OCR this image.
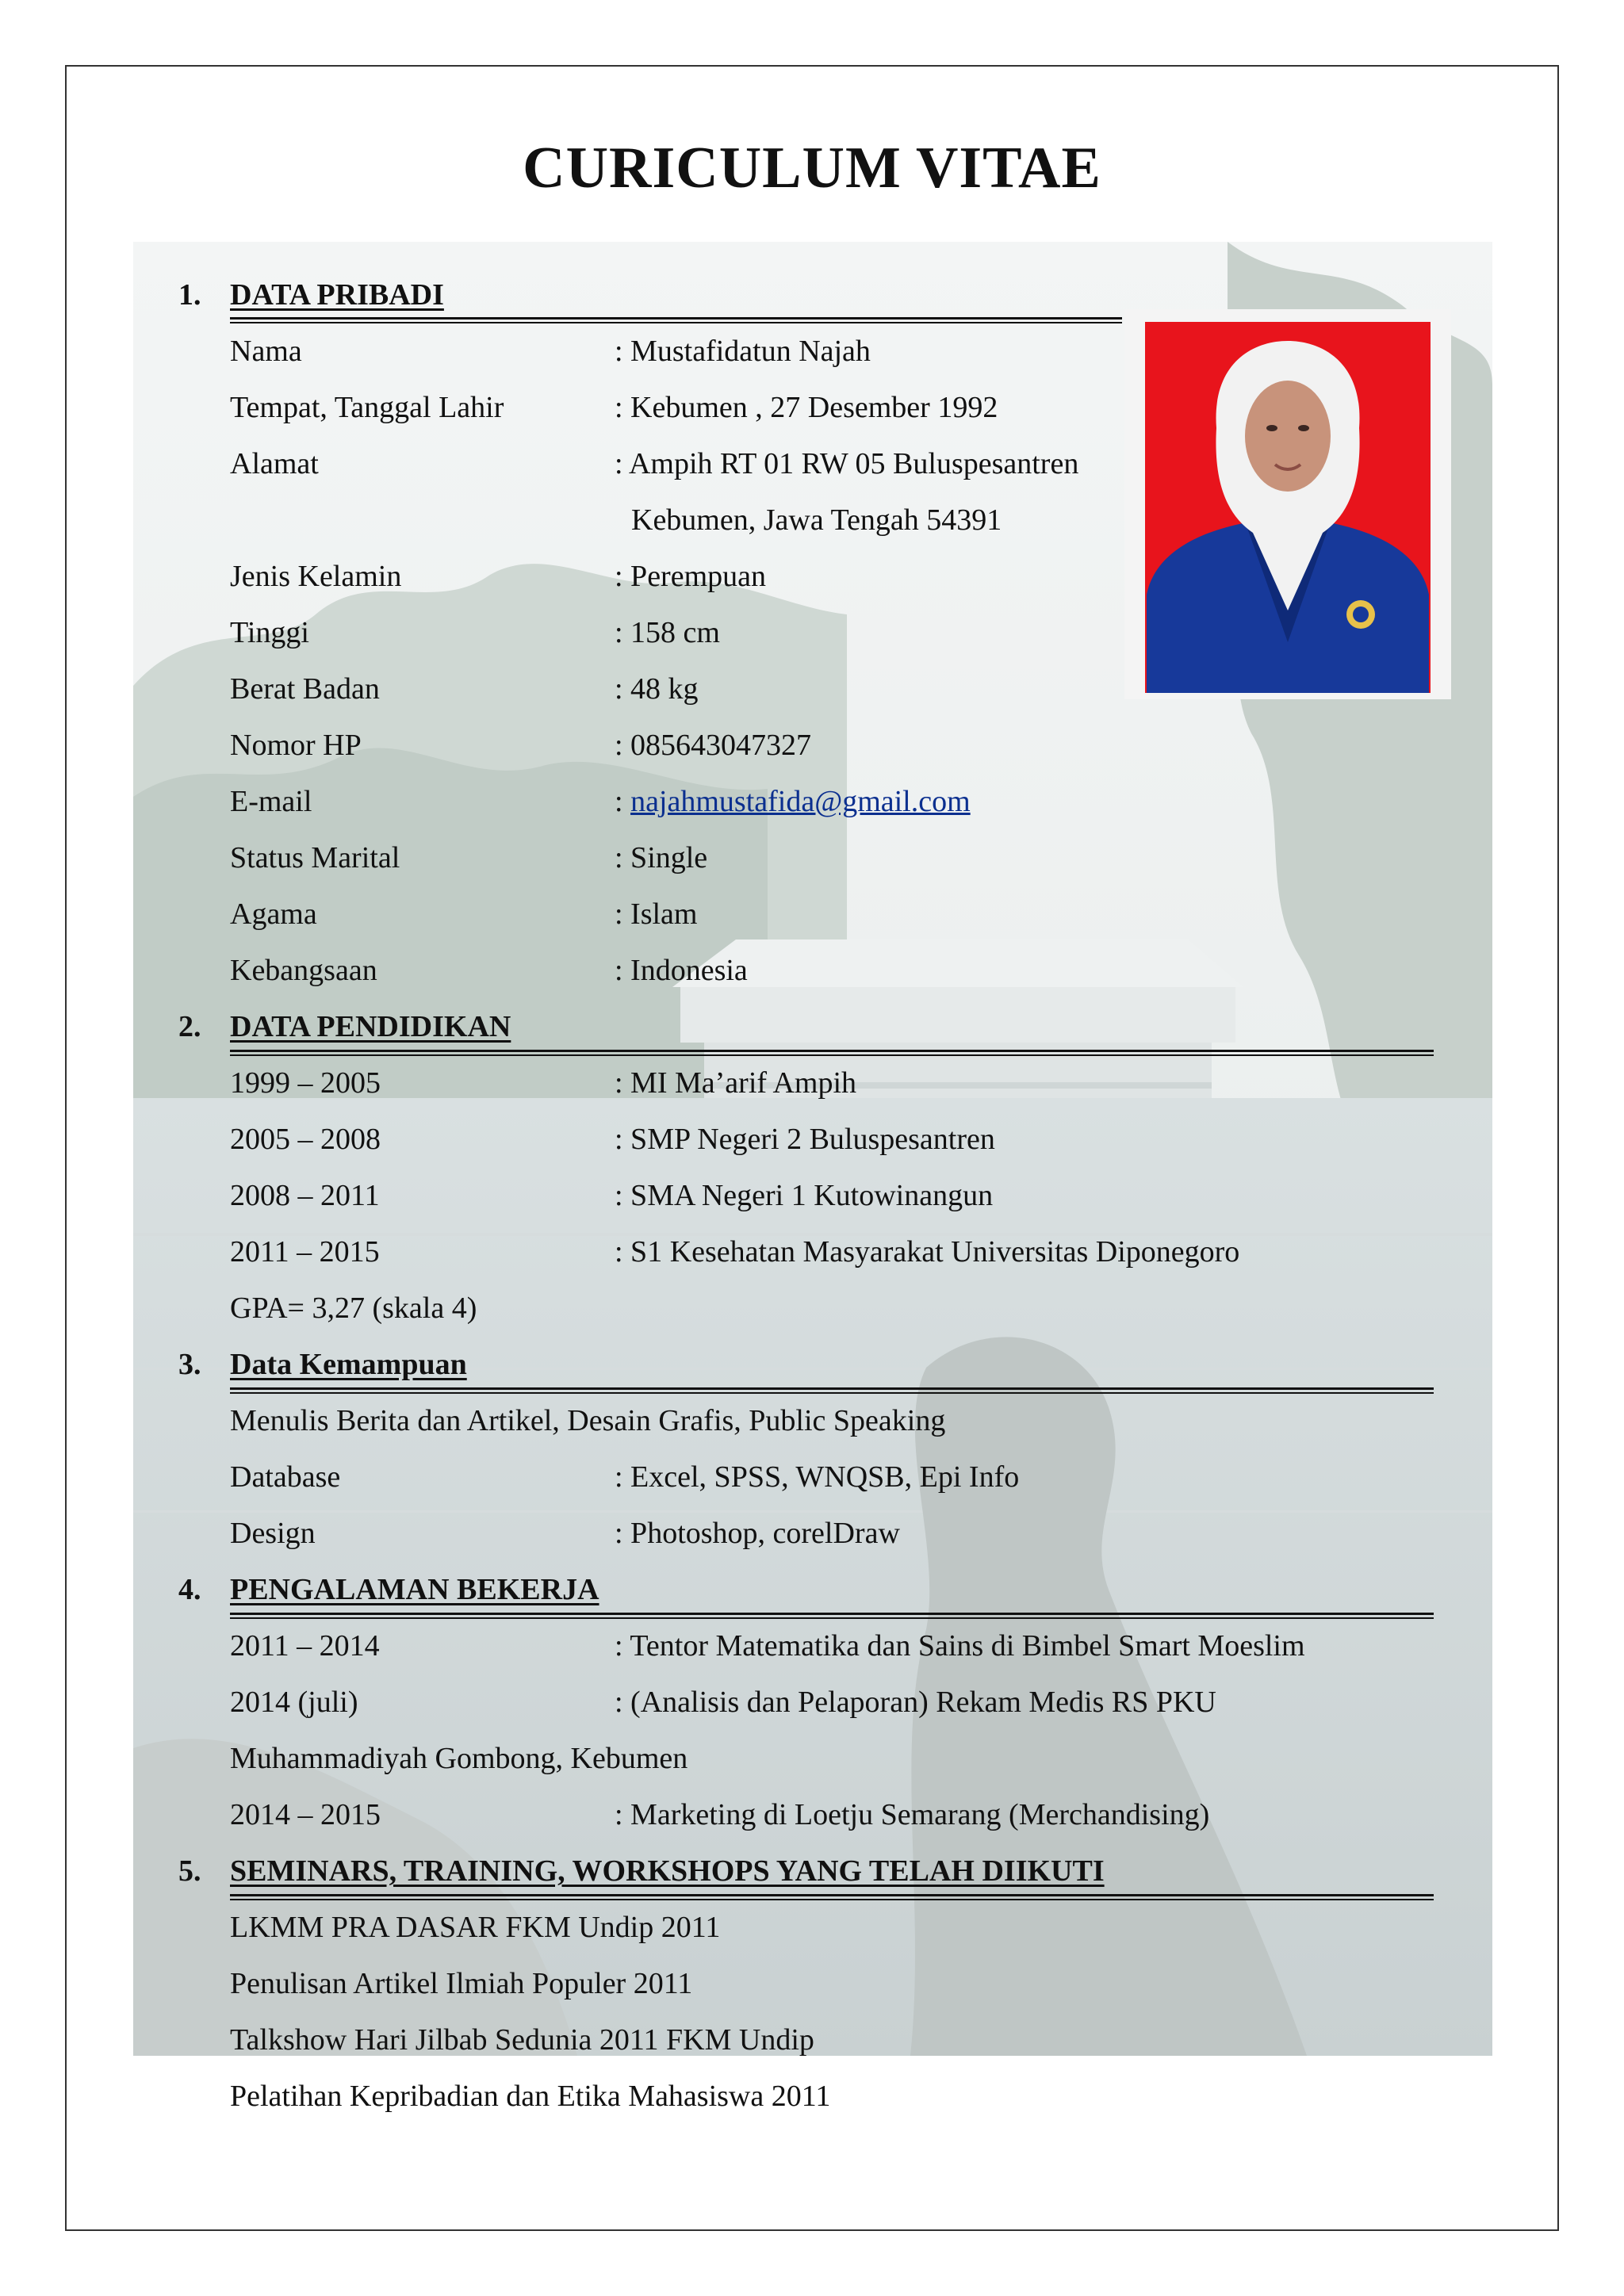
CURICULUM VITAE
1. DATA PRIBADI
Nama	: Mustafidatun Najah
Tempat, Tanggal Lahir	: Kebumen , 27 Desember 1992
Alamat	: Ampih RT 01 RW 05 Buluspesantren
Kebumen, Jawa Tengah 54391
Jenis Kelamin	: Perempuan
Tinggi	: 158 cm
Berat Badan	: 48 kg
Nomor HP	: 085643047327
E-mail	: najahmustafida@gmail.com
Status Marital	: Single
Agama	: Islam
Kebangsaan	: Indonesia
2. DATA PENDIDIKAN
1999 – 2005	: MI Ma’arif Ampih
2005 – 2008	: SMP Negeri 2 Buluspesantren
2008 – 2011	: SMA Negeri 1 Kutowinangun
2011 – 2015	: S1 Kesehatan Masyarakat Universitas Diponegoro
GPA= 3,27 (skala 4)
3. Data Kemampuan
Menulis Berita dan Artikel, Desain Grafis, Public Speaking
Database	: Excel, SPSS, WNQSB, Epi Info
Design	: Photoshop, corelDraw
4. PENGALAMAN BEKERJA
2011 – 2014	: Tentor Matematika dan Sains di Bimbel Smart Moeslim
2014 (juli)	: (Analisis dan Pelaporan) Rekam Medis RS PKU
Muhammadiyah Gombong, Kebumen
2014 – 2015	: Marketing di Loetju Semarang (Merchandising)
5. SEMINARS, TRAINING, WORKSHOPS YANG TELAH DIIKUTI
LKMM PRA DASAR FKM Undip 2011
Penulisan Artikel Ilmiah Populer 2011
Talkshow Hari Jilbab Sedunia 2011 FKM Undip
Pelatihan Kepribadian dan Etika Mahasiswa 2011
